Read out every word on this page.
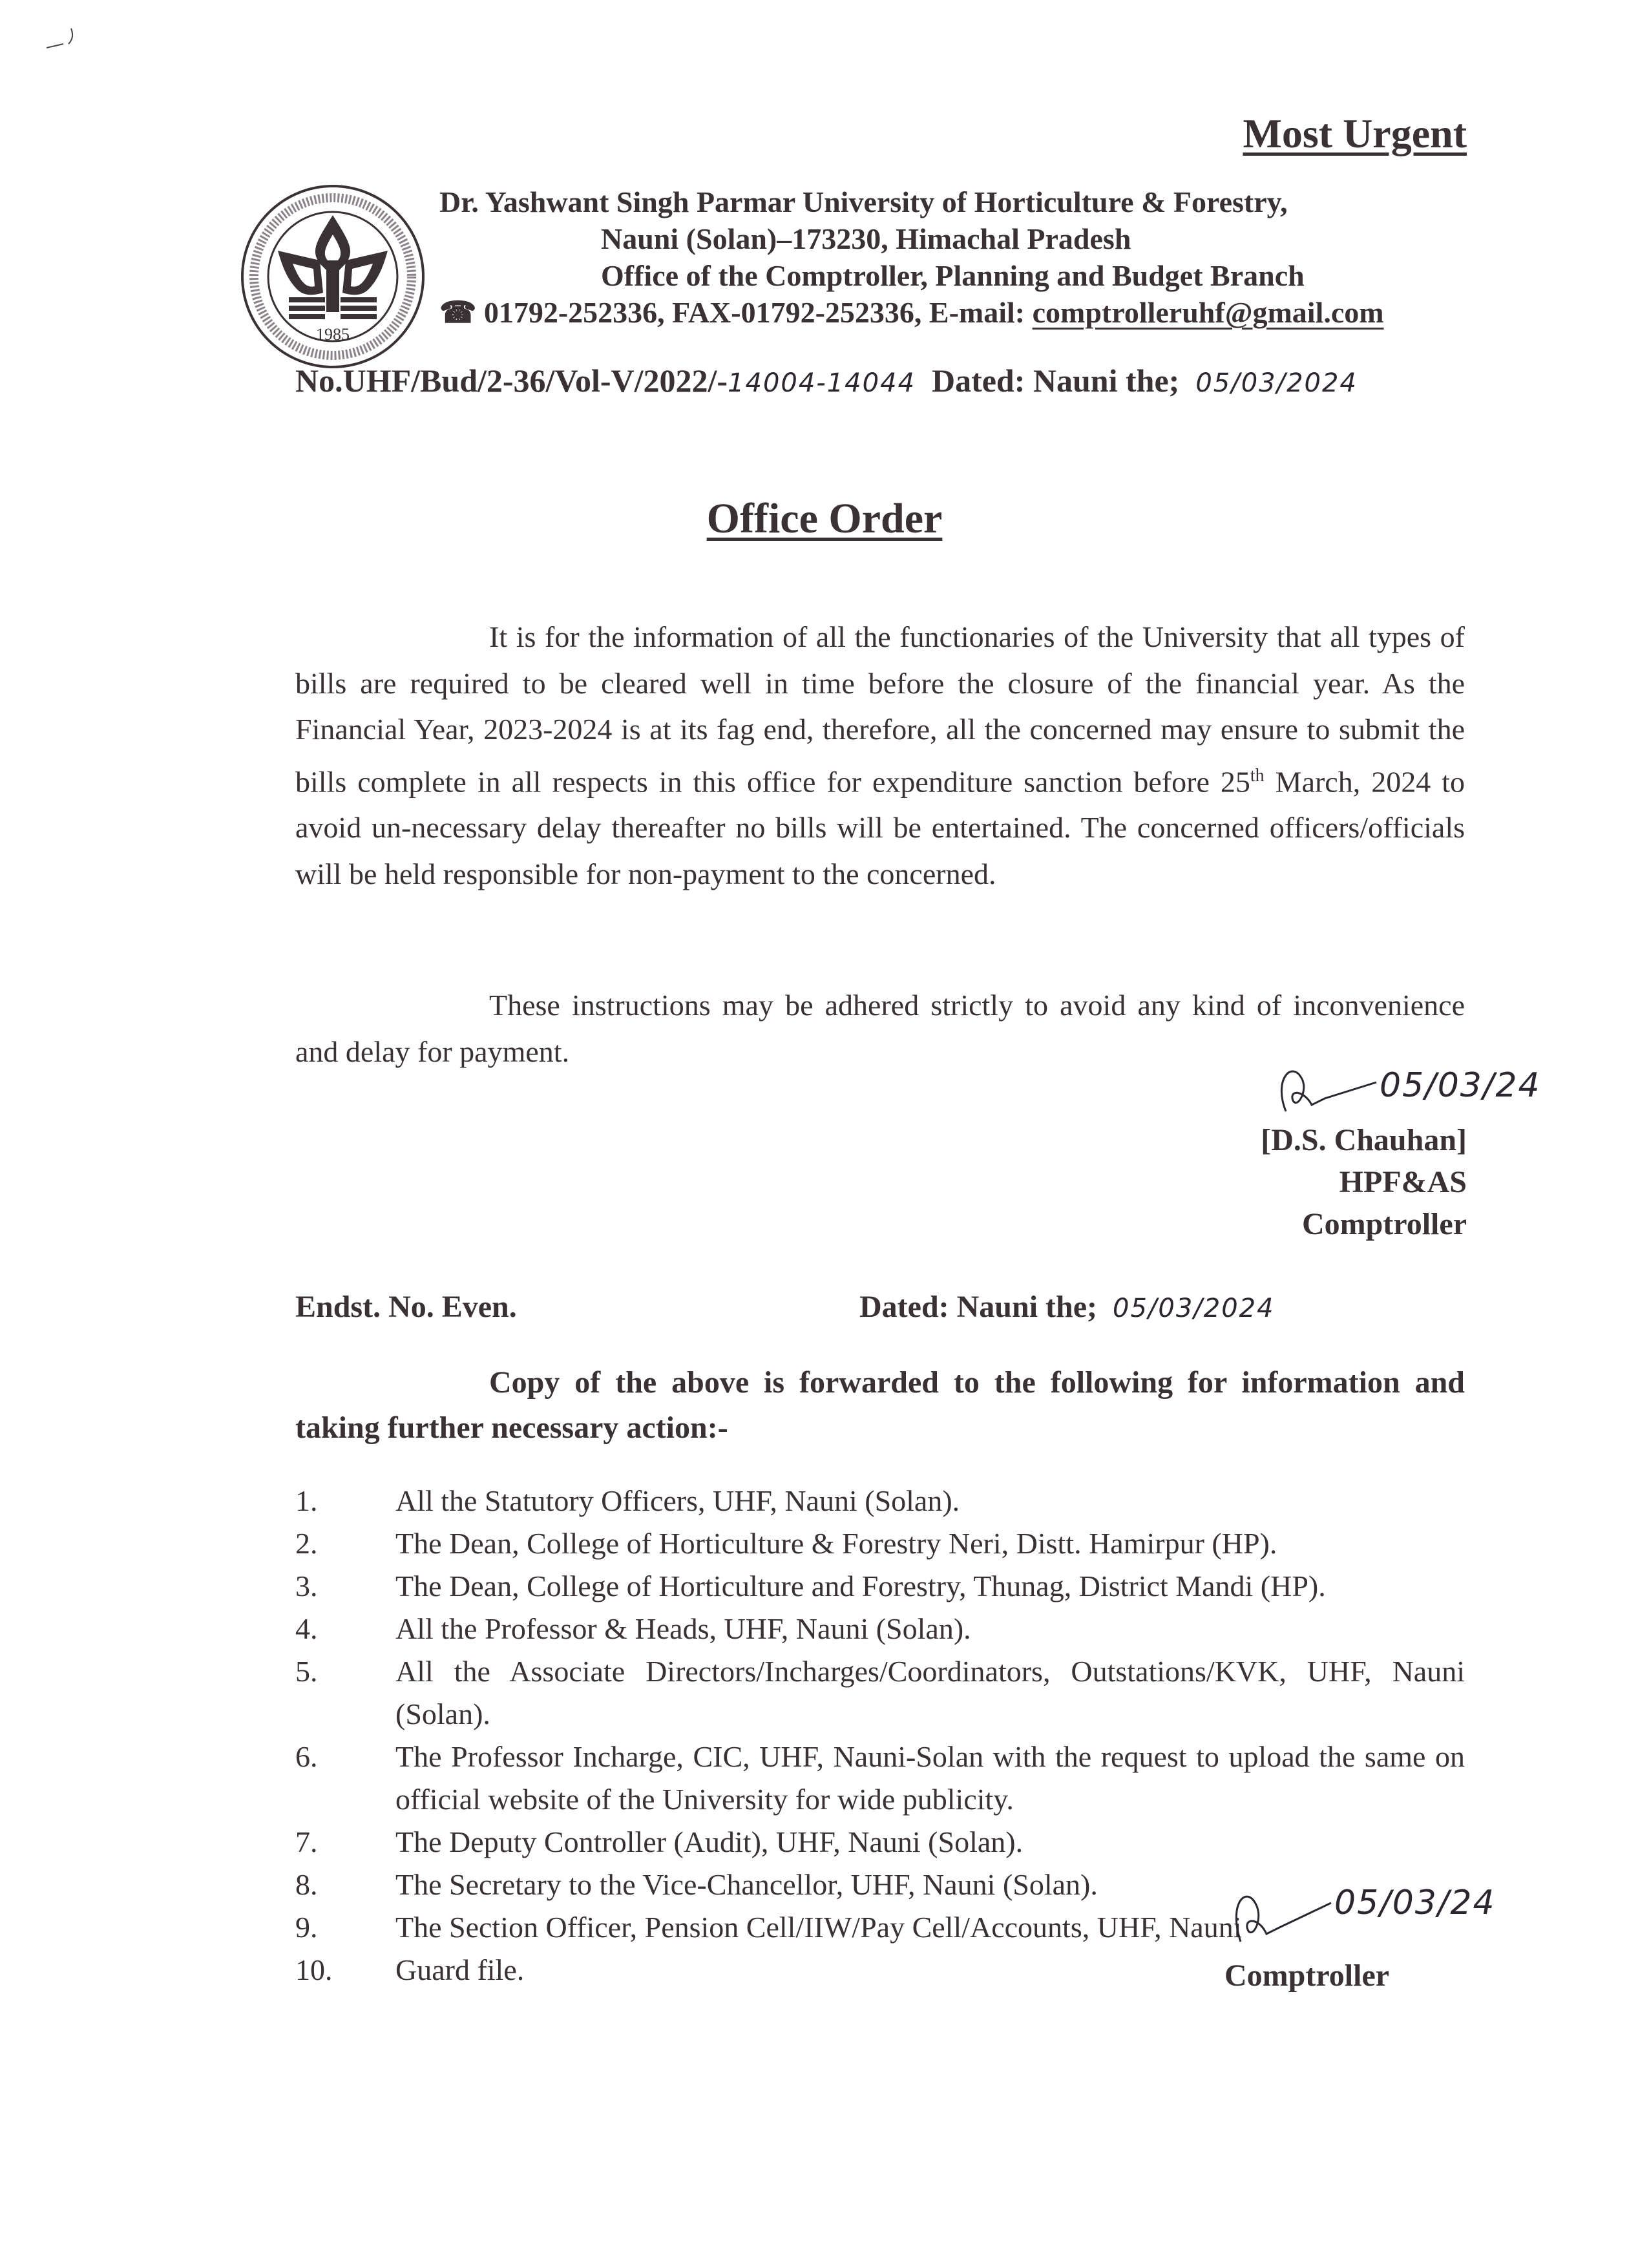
Most Urgent
1985
Dr. Yashwant Singh Parmar University of Horticulture & Forestry,
Nauni (Solan)–173230, Himachal Pradesh
Office of the Comptroller, Planning and Budget Branch
☎ 01792-252336, FAX-01792-252336, E-mail: comptrolleruhf@gmail.com
No.UHF/Bud/2-36/Vol-V/2022/-14004-14044 Dated: Nauni the; 05/03/2024
Office Order
It is for the information of all the functionaries of the University that all types of bills are required to be cleared well in time before the closure of the financial year. As the Financial Year, 2023-2024 is at its fag end, therefore, all the concerned may ensure to submit the bills complete in all respects in this office for expenditure sanction before 25th March, 2024 to avoid un-necessary delay thereafter no bills will be entertained. The concerned officers/officials will be held responsible for non-payment to the concerned.
These instructions may be adhered strictly to avoid any kind of inconvenience and delay for payment.
05/03/24
[D.S. Chauhan]
HPF&AS
Comptroller
Endst. No. Even.	Dated: Nauni the; 05/03/2024
Copy of the above is forwarded to the following for information and taking further necessary action:-
1.	All the Statutory Officers, UHF, Nauni (Solan).
2.	The Dean, College of Horticulture & Forestry Neri, Distt. Hamirpur (HP).
3.	The Dean, College of Horticulture and Forestry, Thunag, District Mandi (HP).
4.	All the Professor & Heads, UHF, Nauni (Solan).
5.	All the Associate Directors/Incharges/Coordinators, Outstations/KVK, UHF, Nauni (Solan).
6.	The Professor Incharge, CIC, UHF, Nauni-Solan with the request to upload the same on official website of the University for wide publicity.
7.	The Deputy Controller (Audit), UHF, Nauni (Solan).
8.	The Secretary to the Vice-Chancellor, UHF, Nauni (Solan).
9.	The Section Officer, Pension Cell/IIW/Pay Cell/Accounts, UHF, Nauni
10.	Guard file.
05/03/24
Comptroller
